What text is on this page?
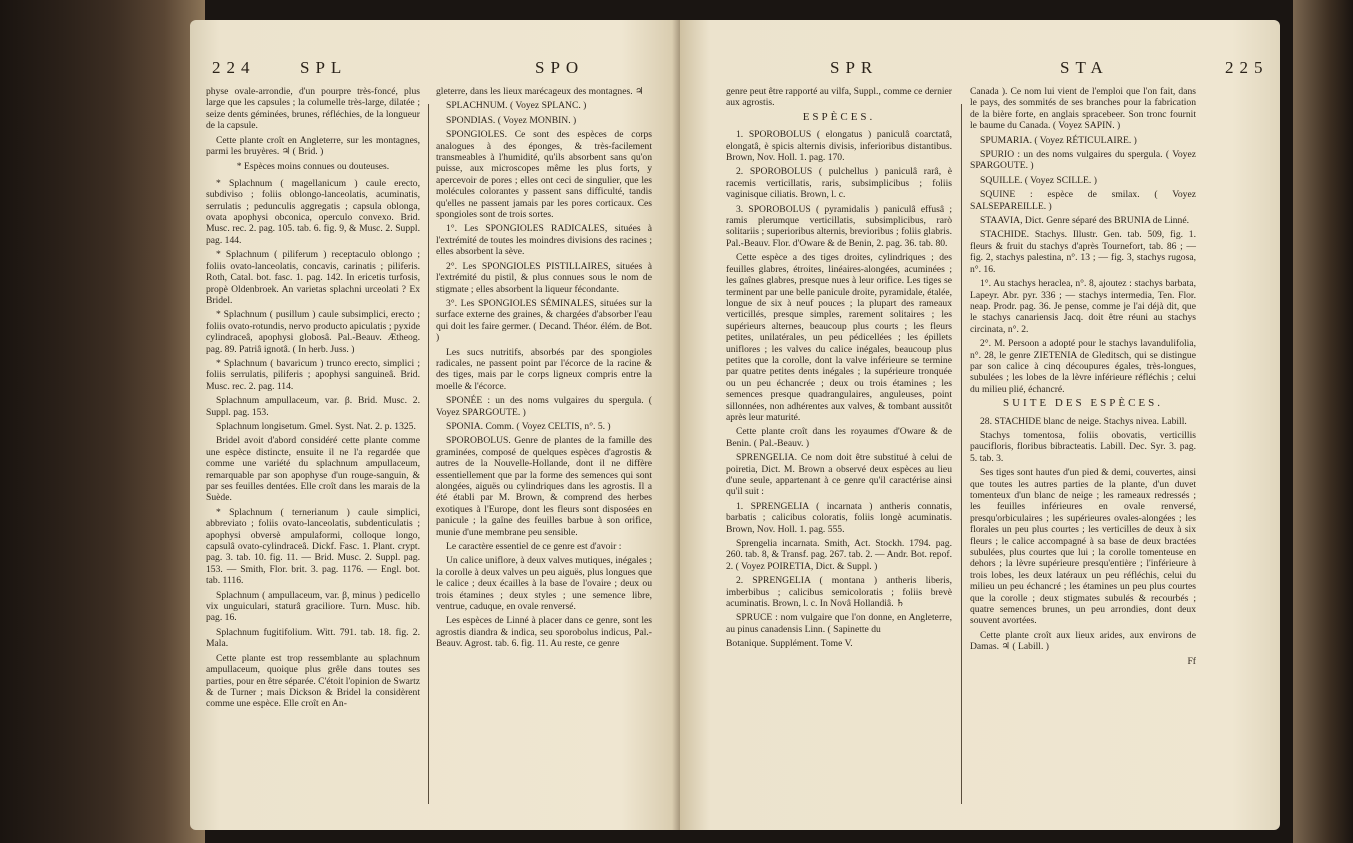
224	SPL	SPO

physe ovale-arrondie, d'un pourpre très-foncé, plus large que les capsules ; la columelle très-large, dilatée ; seize dents géminées, brunes, réfléchies, de la longueur de la capsule.

Cette plante croît en Angleterre, sur les montagnes, parmi les bruyères. ♃ ( Brid. )

* Espèces moins connues ou douteuses.

* Splachnum ( magellanicum ) caule erecto, subdiviso ; foliis oblongo-lanceolatis, acuminatis, serrulatis ; pedunculis aggregatis ; capsula oblonga, ovata apophysi obconica, operculo convexo. Brid. Musc. rec. 2. pag. 105. tab. 6. fig. 9, & Musc. 2. Suppl. pag. 144.

* Splachnum ( piliferum ) receptaculo oblongo ; foliis ovato-lanceolatis, concavis, carinatis ; piliferis. Roth, Catal. bot. fasc. 1. pag. 142. In ericetis turfosis, propè Oldenbroek. An varietas splachni urceolati ? Ex Bridel.

* Splachnum ( pusillum ) caule subsimplici, erecto ; foliis ovato-rotundis, nervo producto apiculatis ; pyxide cylindraceâ, apophysi globosâ. Pal.-Beauv. Ætheog. pag. 89. Patriâ ignotâ. ( In herb. Juss. )

* Splachnum ( bavaricum ) trunco erecto, simplici ; foliis serrulatis, piliferis ; apophysi sanguineâ. Brid. Musc. rec. 2. pag. 114.

Splachnum ampullaceum, var. β. Brid. Musc. 2. Suppl. pag. 153.

Splachnum longisetum. Gmel. Syst. Nat. 2. p. 1325.

Bridel avoit d'abord considéré cette plante comme une espèce distincte, ensuite il ne l'a regardée que comme une variété du splachnum ampullaceum, remarquable par son apophyse d'un rouge-sanguin, & par ses feuilles dentées. Elle croît dans les marais de la Suède.

* Splachnum ( ternerianum ) caule simplici, abbreviato ; foliis ovato-lanceolatis, subdenticulatis ; apophysi obversè ampulaformi, colloque longo, capsulâ ovato-cylindraceâ. Dickf. Fasc. 1. Plant. crypt. pag. 3. tab. 10. fig. 11. — Brid. Musc. 2. Suppl. pag. 153. — Smith, Flor. brit. 3. pag. 1176. — Engl. bot. tab. 1116.

Splachnum ( ampullaceum, var. β, minus ) pedicello vix unguiculari, staturâ graciliore. Turn. Musc. hib. pag. 16.

Splachnum fugitifolium. Witt. 791. tab. 18. fig. 2. Mala.

Cette plante est trop ressemblante au splachnum ampullaceum, quoique plus grêle dans toutes ses parties, pour en être séparée. C'étoit l'opinion de Swartz & de Turner ; mais Dickson & Bridel la considèrent comme une espèce. Elle croît en An-

gleterre, dans les lieux marécageux des montagnes. ♃

SPLACHNUM. ( Voyez SPLANC. )

SPONDIAS. ( Voyez MONBIN. )

SPONGIOLES. Ce sont des espèces de corps analogues à des éponges, & très-facilement transmeables à l'humidité, qu'ils absorbent sans qu'on puisse, aux microscopes même les plus forts, y apercevoir de pores ; elles ont ceci de singulier, que les molécules colorantes y passent sans difficulté, tandis qu'elles ne passent jamais par les pores corticaux. Ces spongioles sont de trois sortes.

1°. Les SPONGIOLES RADICALES, situées à l'extrémité de toutes les moindres divisions des racines ; elles absorbent la sève.

2°. Les SPONGIOLES PISTILLAIRES, situées à l'extrémité du pistil, & plus connues sous le nom de stigmate ; elles absorbent la liqueur fécondante.

3°. Les SPONGIOLES SÉMINALES, situées sur la surface externe des graines, & chargées d'absorber l'eau qui doit les faire germer. ( Decand. Théor. élém. de Bot. )

Les sucs nutritifs, absorbés par des spongioles radicales, ne passent point par l'écorce de la racine & des tiges, mais par le corps ligneux compris entre la moelle & l'écorce.

SPONÉE : un des noms vulgaires du spergula. ( Voyez SPARGOUTE. )

SPONIA. Comm. ( Voyez CELTIS, n°. 5. )

SPOROBOLUS. Genre de plantes de la famille des graminées, composé de quelques espèces d'agrostis & autres de la Nouvelle-Hollande, dont il ne diffère essentiellement que par la forme des semences qui sont alongées, aiguës ou cylindriques dans les agrostis. Il a été établi par M. Brown, & comprend des herbes exotiques à l'Europe, dont les fleurs sont disposées en panicule ; la gaîne des feuilles barbue à son orifice, munie d'une membrane peu sensible.

Le caractère essentiel de ce genre est d'avoir :

Un calice uniflore, à deux valves mutiques, inégales ; la corolle à deux valves un peu aiguës, plus longues que le calice ; deux écailles à la base de l'ovaire ; deux ou trois étamines ; deux styles ; une semence libre, ventrue, caduque, en ovale renversé.

Les espèces de Linné à placer dans ce genre, sont les agrostis diandra & indica, seu sporobolus indicus, Pal.-Beauv. Agrost. tab. 6. fig. 11. Au reste, ce genre

SPR	STA	225

genre peut être rapporté au vilfa, Suppl., comme ce dernier aux agrostis.

ESPÈCES.

1. SPOROBOLUS ( elongatus ) paniculâ coarctatâ, elongatâ, è spicis alternis divisis, inferioribus distantibus. Brown, Nov. Holl. 1. pag. 170.

2. SPOROBOLUS ( pulchellus ) paniculâ rarâ, è racemis verticillatis, raris, subsimplicibus ; foliis vaginisque ciliatis. Brown, l. c.

3. SPOROBOLUS ( pyramidalis ) paniculâ effusâ ; ramis plerumque verticillatis, subsimplicibus, rarò solitariis ; superioribus alternis, brevioribus ; foliis glabris. Pal.-Beauv. Flor. d'Oware & de Benin, 2. pag. 36. tab. 80.

Cette espèce a des tiges droites, cylindriques ; des feuilles glabres, étroites, linéaires-alongées, acuminées ; les gaînes glabres, presque nues à leur orifice. Les tiges se terminent par une belle panicule droite, pyramidale, étalée, longue de six à neuf pouces ; la plupart des rameaux verticillés, presque simples, rarement solitaires ; les supérieurs alternes, beaucoup plus courts ; les fleurs petites, unilatérales, un peu pédicellées ; les épillets uniflores ; les valves du calice inégales, beaucoup plus petites que la corolle, dont la valve inférieure se termine par quatre petites dents inégales ; la supérieure tronquée ou un peu échancrée ; deux ou trois étamines ; les semences presque quadrangulaires, anguleuses, point sillonnées, non adhérentes aux valves, & tombant aussitôt après leur maturité.

Cette plante croît dans les royaumes d'Oware & de Benin. ( Pal.-Beauv. )

SPRENGELIA. Ce nom doit être substitué à celui de poiretia, Dict. M. Brown a observé deux espèces au lieu d'une seule, appartenant à ce genre qu'il caractérise ainsi qu'il suit :

1. SPRENGELIA ( incarnata ) antheris connatis, barbatis ; calicibus coloratis, foliis longè acuminatis. Brown, Nov. Holl. 1. pag. 555.

Sprengelia incarnata. Smith, Act. Stockh. 1794. pag. 260. tab. 8, & Transf. pag. 267. tab. 2. — Andr. Bot. repof. 2. ( Voyez POIRETIA, Dict. & Suppl. )

2. SPRENGELIA ( montana ) antheris liberis, imberbibus ; calicibus semicoloratis ; foliis brevè acuminatis. Brown, l. c. In Novâ Hollandiâ. ♄

SPRUCE : nom vulgaire que l'on donne, en Angleterre, au pinus canadensis Linn. ( Sapinette du

Botanique. Supplément. Tome V.

Canada ). Ce nom lui vient de l'emploi que l'on fait, dans le pays, des sommités de ses branches pour la fabrication de la bière forte, en anglais spracebeer. Son tronc fournit le baume du Canada. ( Voyez SAPIN. )

SPUMARIA. ( Voyez RÉTICULAIRE. )

SPURIO : un des noms vulgaires du spergula. ( Voyez SPARGOUTE. )

SQUILLE. ( Voyez SCILLE. )

SQUINE : espèce de smilax. ( Voyez SALSEPAREILLE. )

STAAVIA, Dict. Genre séparé des BRUNIA de Linné.

STACHIDE. Stachys. Illustr. Gen. tab. 509, fig. 1. fleurs & fruit du stachys d'après Tournefort, tab. 86 ; — fig. 2, stachys palestina, n°. 13 ; — fig. 3, stachys rugosa, n°. 16.

1°. Au stachys heraclea, n°. 8, ajoutez : stachys barbata, Lapeyr. Abr. pyr. 336 ; — stachys intermedia, Ten. Flor. neap. Prodr. pag. 36. Je pense, comme je l'ai déjà dit, que le stachys canariensis Jacq. doit être réuni au stachys circinata, n°. 2.

2°. M. Persoon a adopté pour le stachys lavandulifolia, n°. 28, le genre ZIETENIA de Gleditsch, qui se distingue par son calice à cinq découpures égales, très-longues, subulées ; les lobes de la lèvre inférieure réfléchis ; celui du milieu plié, échancré.

SUITE DES ESPÈCES.

28. STACHIDE blanc de neige. Stachys nivea. Labill.

Stachys tomentosa, foliis obovatis, verticillis paucifloris, floribus bibracteatis. Labill. Dec. Syr. 3. pag. 5. tab. 3.

Ses tiges sont hautes d'un pied & demi, couvertes, ainsi que toutes les autres parties de la plante, d'un duvet tomenteux d'un blanc de neige ; les rameaux redressés ; les feuilles inférieures en ovale renversé, presqu'orbiculaires ; les supérieures ovales-alongées ; les florales un peu plus courtes ; les verticilles de deux à six fleurs ; le calice accompagné à sa base de deux bractées subulées, plus courtes que lui ; la corolle tomenteuse en dehors ; la lèvre supérieure presqu'entière ; l'inférieure à trois lobes, les deux latéraux un peu réfléchis, celui du milieu un peu échancré ; les étamines un peu plus courtes que la corolle ; deux stigmates subulés & recourbés ; quatre semences brunes, un peu arrondies, dont deux souvent avortées.

Cette plante croît aux lieux arides, aux environs de Damas. ♃ ( Labill. )

Ff
